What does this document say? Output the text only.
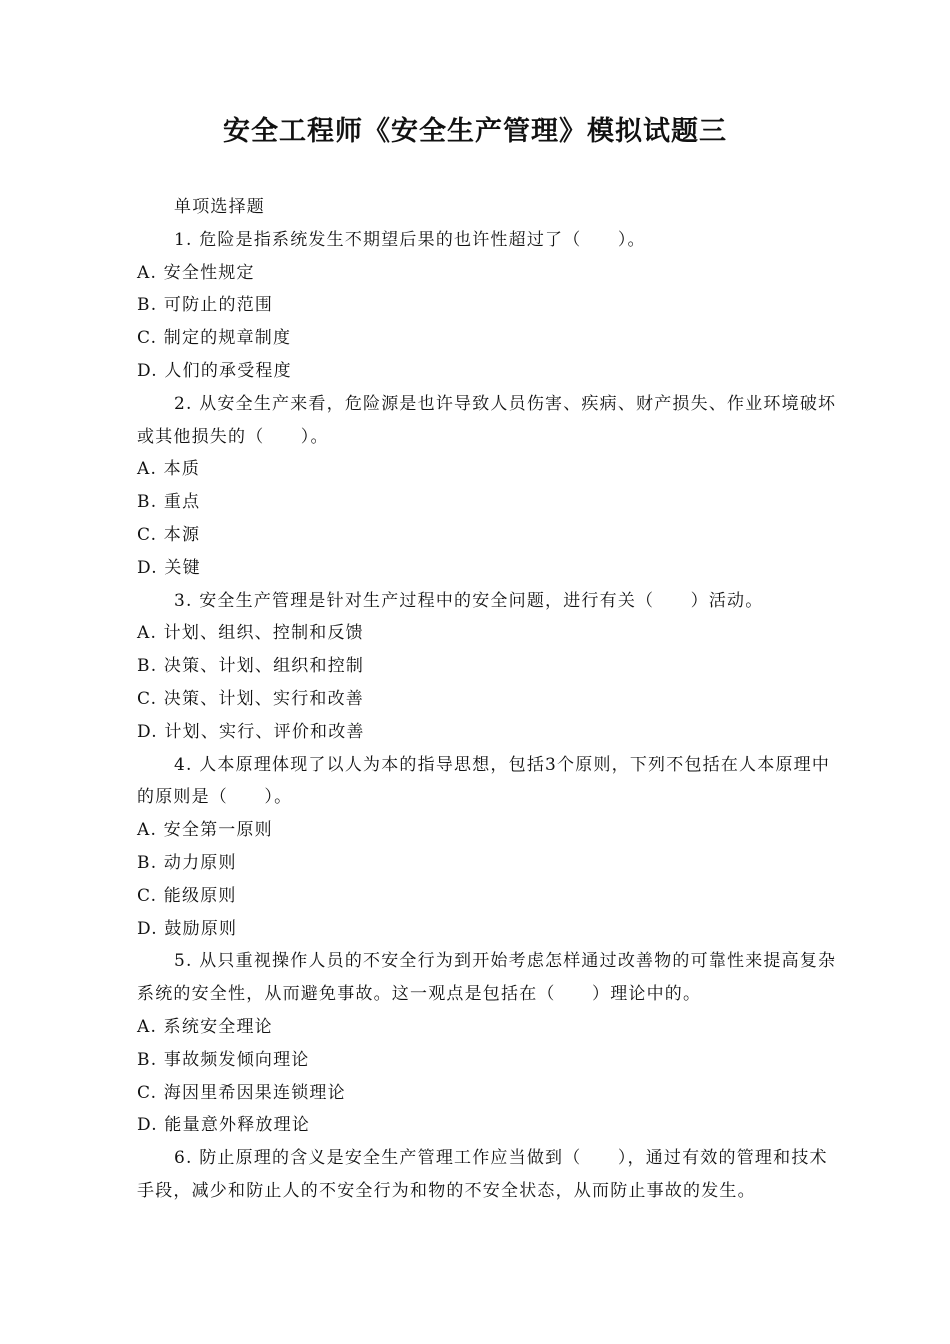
安全工程师《安全生产管理》模拟试题三

单项选择题

1. 危险是指系统发生不期望后果的也许性超过了（　　）。

A. 安全性规定

B. 可防止的范围

C. 制定的规章制度

D. 人们的承受程度

2. 从安全生产来看，危险源是也许导致人员伤害、疾病、财产损失、作业环境破坏或其他损失的（　　）。

A. 本质

B. 重点

C. 本源

D. 关键

3. 安全生产管理是针对生产过程中的安全问题，进行有关（　　）活动。

A. 计划、组织、控制和反馈

B. 决策、计划、组织和控制

C. 决策、计划、实行和改善

D. 计划、实行、评价和改善

4. 人本原理体现了以人为本的指导思想，包括3个原则，下列不包括在人本原理中的原则是（　　）。

A. 安全第一原则

B. 动力原则

C. 能级原则

D. 鼓励原则

5. 从只重视操作人员的不安全行为到开始考虑怎样通过改善物的可靠性来提高复杂系统的安全性，从而避免事故。这一观点是包括在（　　）理论中的。

A. 系统安全理论

B. 事故频发倾向理论

C. 海因里希因果连锁理论

D. 能量意外释放理论

6. 防止原理的含义是安全生产管理工作应当做到（　　），通过有效的管理和技术手段，减少和防止人的不安全行为和物的不安全状态，从而防止事故的发生。
